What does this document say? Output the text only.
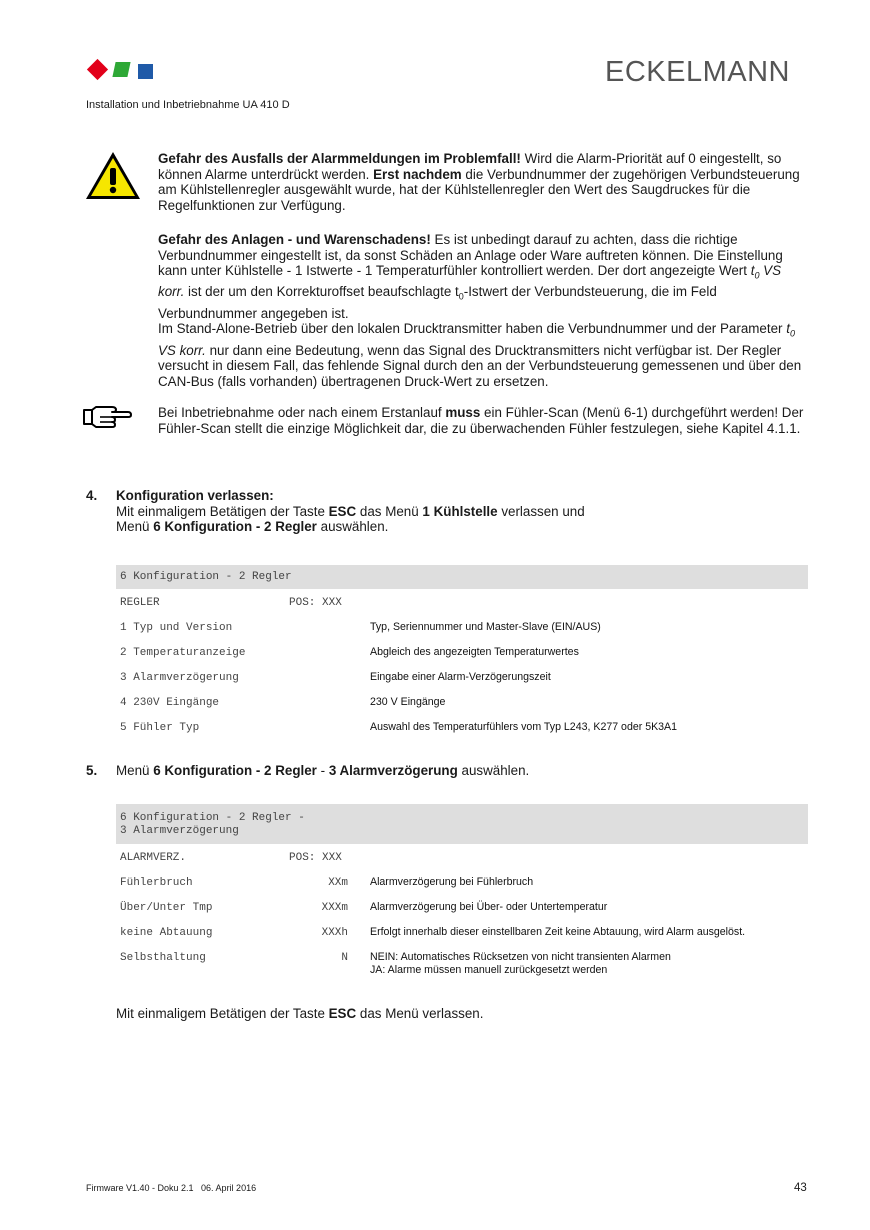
ECKELMANN
Installation und Inbetriebnahme UA 410 D
Gefahr des Ausfalls der Alarmmeldungen im Problemfall! Wird die Alarm-Priorität auf 0 eingestellt, so können Alarme unterdrückt werden. Erst nachdem die Verbundnummer der zugehörigen Verbundsteuerung am Kühlstellenregler ausgewählt wurde, hat der Kühlstellenregler den Wert des Saugdruckes für die Regelfunktionen zur Verfügung.
Gefahr des Anlagen - und Warenschadens! Es ist unbedingt darauf zu achten, dass die richtige Verbundnummer eingestellt ist, da sonst Schäden an Anlage oder Ware auftreten können. Die Einstellung kann unter Kühlstelle - 1 Istwerte - 1 Temperaturfühler kontrolliert werden. Der dort angezeigte Wert $t_0$ VS korr. ist der um den Korrekturoffset beaufschlagte $t_0$-Istwert der Verbundsteuerung, die im Feld Verbundnummer angegeben ist.
Im Stand-Alone-Betrieb über den lokalen Drucktransmitter haben die Verbundnummer und der Parameter $t_0$ VS korr. nur dann eine Bedeutung, wenn das Signal des Drucktransmitters nicht verfügbar ist. Der Regler versucht in diesem Fall, das fehlende Signal durch den an der Verbundsteuerung gemessenen und über den CAN-Bus (falls vorhanden) übertragenen Druck-Wert zu ersetzen.
Bei Inbetriebnahme oder nach einem Erstanlauf muss ein Fühler-Scan (Menü 6-1) durchgeführt werden! Der Fühler-Scan stellt die einzige Möglichkeit dar, die zu überwachenden Fühler festzulegen, siehe Kapitel 4.1.1.
4. Konfiguration verlassen:
Mit einmaligem Betätigen der Taste ESC das Menü 1 Kühlstelle verlassen und
Menü 6 Konfiguration - 2 Regler auswählen.
6 Konfiguration - 2 Regler
REGLER	POS: XXX
1 Typ und Version	Typ, Seriennummer und Master-Slave (EIN/AUS)
2 Temperaturanzeige	Abgleich des angezeigten Temperaturwertes
3 Alarmverzögerung	Eingabe einer Alarm-Verzögerungszeit
4 230V Eingänge	230 V Eingänge
5 Fühler Typ	Auswahl des Temperaturfühlers vom Typ L243, K277 oder 5K3A1
5. Menü 6 Konfiguration - 2 Regler - 3 Alarmverzögerung auswählen.
6 Konfiguration - 2 Regler -
3 Alarmverzögerung
ALARMVERZ.	POS: XXX
Fühlerbruch	XXm Alarmverzögerung bei Fühlerbruch
Über/Unter Tmp	XXXm Alarmverzögerung bei Über- oder Untertemperatur
keine Abtauung	XXXh Erfolgt innerhalb dieser einstellbaren Zeit keine Abtauung, wird Alarm ausgelöst.
Selbsthaltung	N NEIN: Automatisches Rücksetzen von nicht transienten Alarmen
JA: Alarme müssen manuell zurückgesetzt werden
Mit einmaligem Betätigen der Taste ESC das Menü verlassen.
Firmware V1.40 - Doku 2.1   06. April 2016	43
